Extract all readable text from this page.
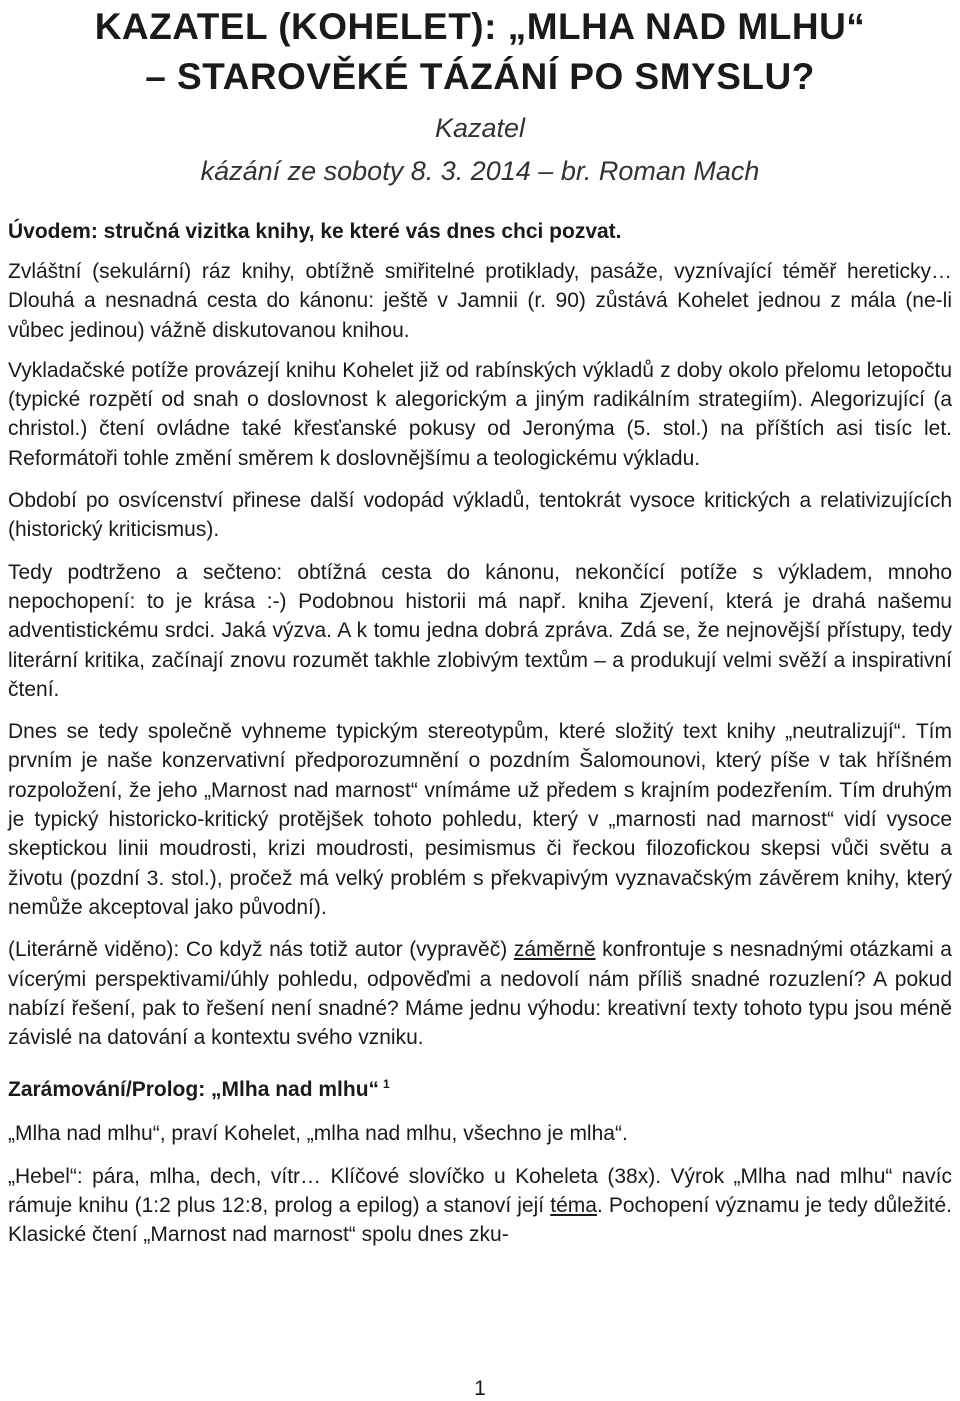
KAZATEL (KOHELET): „MLHA NAD MLHU“
– STAROVĚKÉ TÁZÁNÍ PO SMYSLU?

Kazatel

kázání ze soboty 8. 3. 2014 – br. Roman Mach

Úvodem: stručná vizitka knihy, ke které vás dnes chci pozvat.

Zvláštní (sekulární) ráz knihy, obtížně smiřitelné protiklady, pasáže, vyznívající téměř hereticky… Dlouhá a nesnadná cesta do kánonu: ještě v Jamnii (r. 90) zůstává Kohelet jednou z mála (ne-li vůbec jedinou) vážně diskutovanou knihou.

Vykladačské potíže provázejí knihu Kohelet již od rabínských výkladů z doby okolo přelomu letopočtu (typické rozpětí od snah o doslovnost k alegorickým a jiným radikálním strategiím). Alegorizující (a christol.) čtení ovládne také křesťanské pokusy od Jeronýma (5. stol.) na příštích asi tisíc let. Reformátoři tohle změní směrem k doslovnějšímu a teologickému výkladu.

Období po osvícenství přinese další vodopád výkladů, tentokrát vysoce kritických a relativizujících (historický kriticismus).

Tedy podtrženo a sečteno: obtížná cesta do kánonu, nekončící potíže s výkladem, mnoho nepochopení: to je krása :-) Podobnou historii má např. kniha Zjevení, která je drahá našemu adventistickému srdci. Jaká výzva. A k tomu jedna dobrá zpráva. Zdá se, že nejnovější přístupy, tedy literární kritika, začínají znovu rozumět takhle zlobivým textům – a produkují velmi svěží a inspirativní čtení.

Dnes se tedy společně vyhneme typickým stereotypům, které složitý text knihy „neutralizují“. Tím prvním je naše konzervativní předporozumnění o pozdním Šalomounovi, který píše v tak hříšném rozpoložení, že jeho „Marnost nad marnost“ vnímáme už předem s krajním podezřením. Tím druhým je typický historicko-kritický protějšek tohoto pohledu, který v „marnosti nad marnost“ vidí vysoce skeptickou linii moudrosti, krizi moudrosti, pesimismus či řeckou filozofickou skepsi vůči světu a životu (pozdní 3. stol.), pročež má velký problém s překvapivým vyznavačským závěrem knihy, který nemůže akceptoval jako původní).

(Literárně viděno): Co když nás totiž autor (vypravěč) záměrně konfrontuje s nesnadnými otázkami a vícerými perspektivami/úhly pohledu, odpověďmi a nedovolí nám příliš snadné rozuzlení? A pokud nabízí řešení, pak to řešení není snadné? Máme jednu výhodu: kreativní texty tohoto typu jsou méně závislé na datování a kontextu svého vzniku.

Zarámování/Prolog: „Mlha nad mlhu“ $^1$

„Mlha nad mlhu“, praví Kohelet, „mlha nad mlhu, všechno je mlha“.

„Hebel“: pára, mlha, dech, vítr… Klíčové slovíčko u Koheleta (38x). Výrok „Mlha nad mlhu“ navíc rámuje knihu (1:2 plus 12:8, prolog a epilog) a stanoví její téma. Pochopení významu je tedy důležité. Klasické čtení „Marnost nad marnost“ spolu dnes zku-

1
